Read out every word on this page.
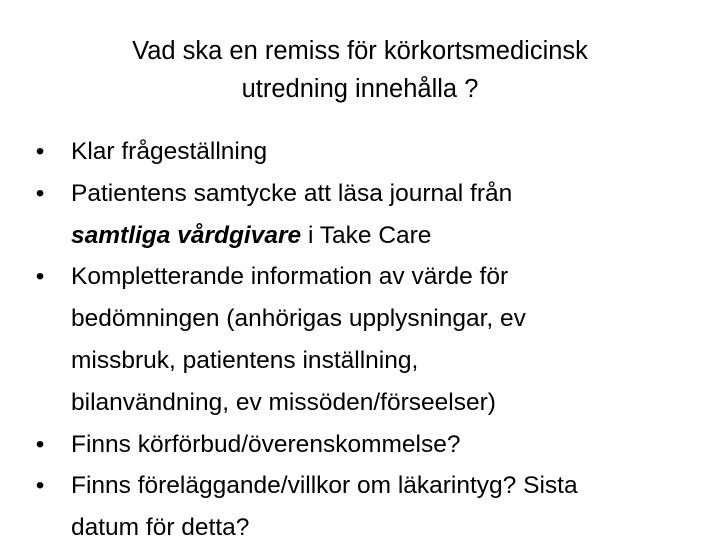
Vad ska en remiss för körkortsmedicinsk
utredning innehålla ?
• Klar frågeställning
• Patientens samtycke att läsa journal från
samtliga vårdgivare i Take Care
• Kompletterande information av värde för
bedömningen (anhörigas upplysningar, ev
missbruk, patientens inställning,
bilanvändning, ev missöden/förseelser)
• Finns körförbud/överenskommelse?
• Finns föreläggande/villkor om läkarintyg? Sista
datum för detta?
